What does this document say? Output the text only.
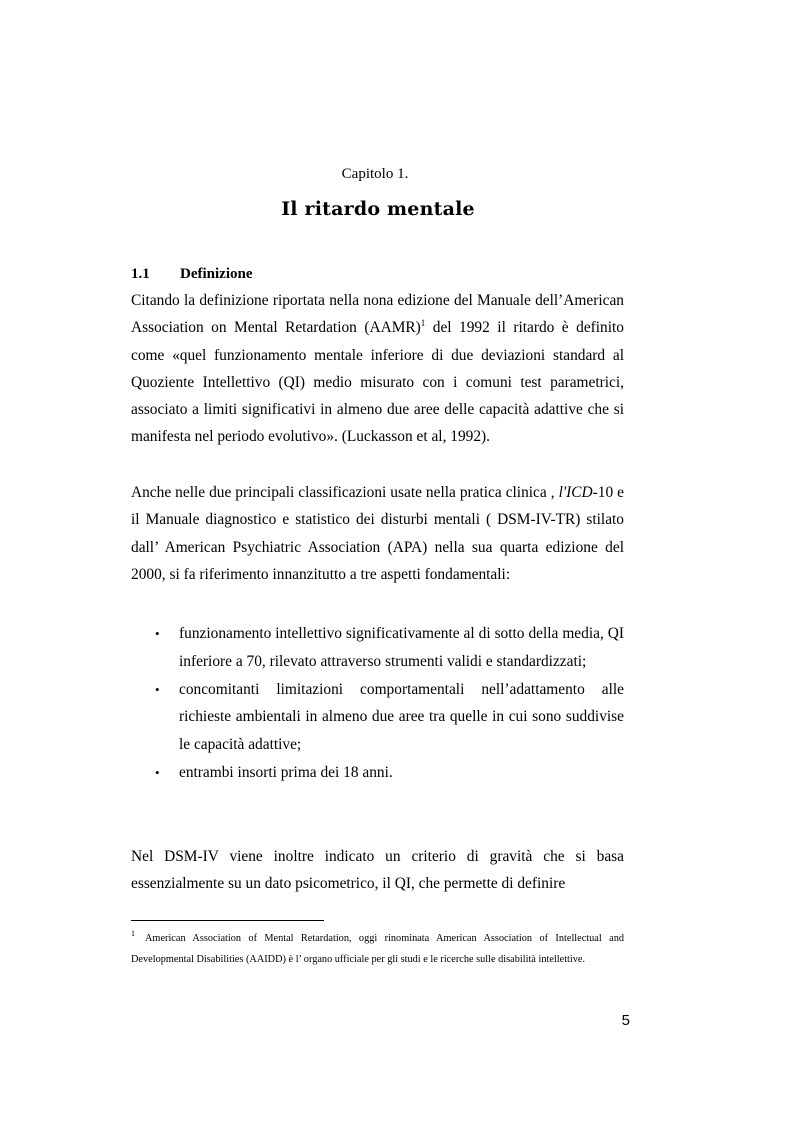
Capitolo 1.
Il ritardo mentale
1.1 Definizione

Citando la definizione riportata nella nona edizione del Manuale dell’American Association on Mental Retardation (AAMR)$^1$ del 1992 il ritardo è definito come «quel funzionamento mentale inferiore di due deviazioni standard al Quoziente Intellettivo (QI) medio misurato con i comuni test parametrici, associato a limiti significativi in almeno due aree delle capacità adattive che si manifesta nel periodo evolutivo». (Luckasson et al, 1992).

Anche nelle due principali classificazioni usate nella pratica clinica , l'ICD-10 e il Manuale diagnostico e statistico dei disturbi mentali ( DSM-IV-TR) stilato dall’ American Psychiatric Association (APA) nella sua quarta edizione del 2000, si fa riferimento innanzitutto a tre aspetti fondamentali:

• funzionamento intellettivo significativamente al di sotto della media, QI inferiore a 70, rilevato attraverso strumenti validi e standardizzati;
• concomitanti limitazioni comportamentali nell’adattamento alle richieste ambientali in almeno due aree tra quelle in cui sono suddivise le capacità adattive;
• entrambi insorti prima dei 18 anni.

Nel DSM-IV viene inoltre indicato un criterio di gravità che si basa essenzialmente su un dato psicometrico, il QI, che permette di definire

$^1$ American Association of Mental Retardation, oggi rinominata American Association of Intellectual and Developmental Disabilities (AAIDD) è l’ organo ufficiale per gli studi e le ricerche sulle disabilità intellettive.
5
